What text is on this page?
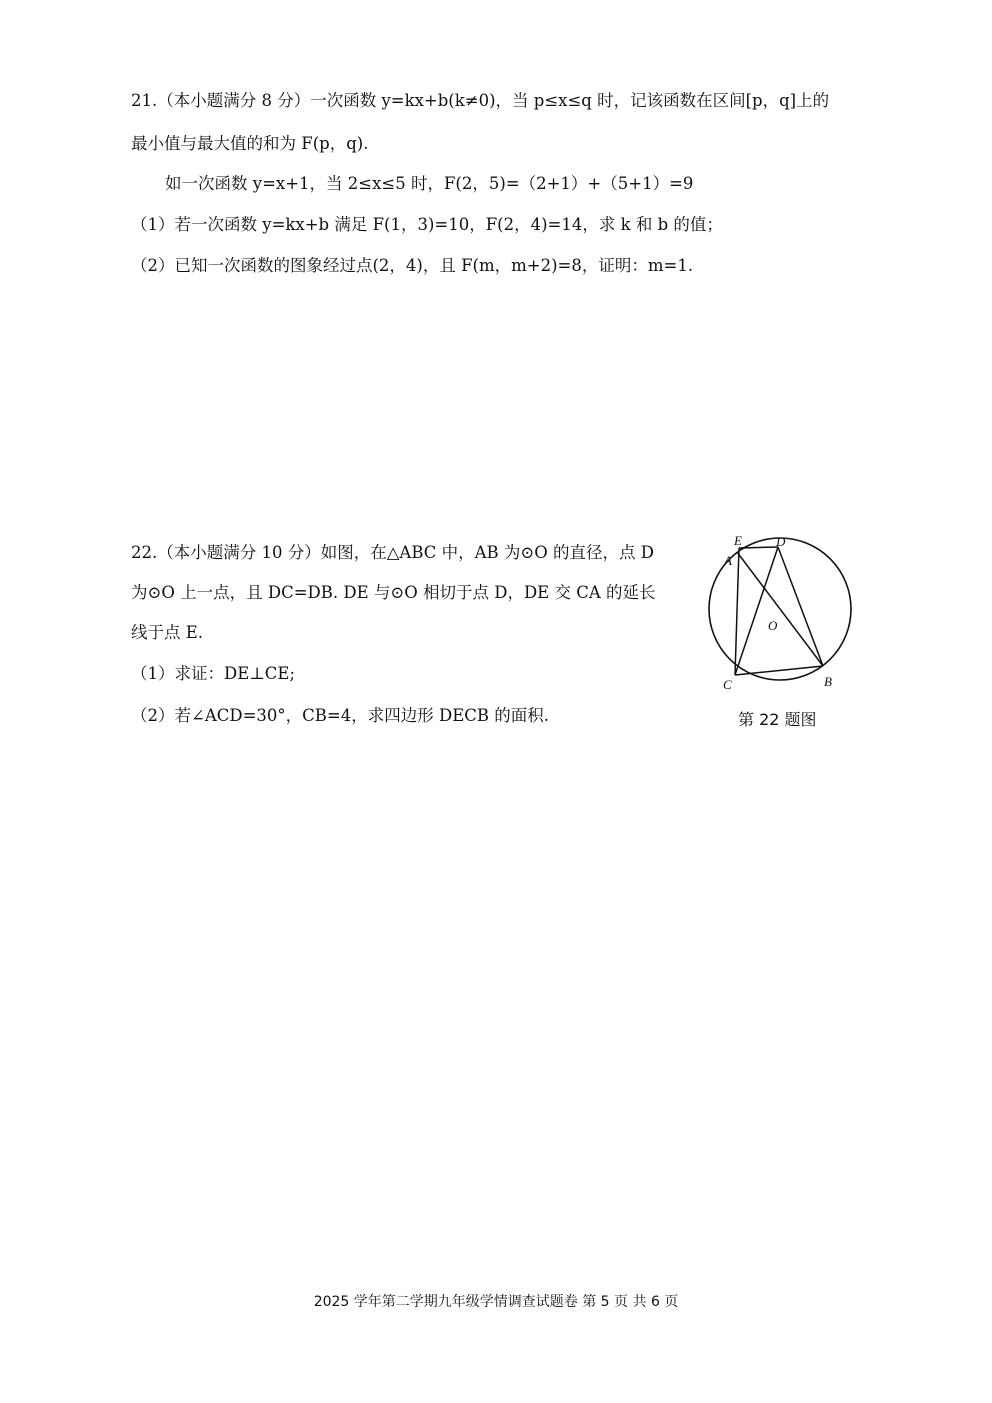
21.（本小题满分 8 分）一次函数 y=kx+b(k≠0)，当 p≤x≤q 时，记该函数在区间[p，q]上的
最小值与最大值的和为 F(p，q).
如一次函数 y=x+1，当 2≤x≤5 时，F(2，5)=（2+1）+（5+1）=9
（1）若一次函数 y=kx+b 满足 F(1，3)=10，F(2，4)=14，求 k 和 b 的值；
（2）已知一次函数的图象经过点(2，4)，且 F(m，m+2)=8，证明：m=1.
22.（本小题满分 10 分）如图，在△ABC 中，AB 为⊙O 的直径，点 D
为⊙O 上一点，且 DC=DB. DE 与⊙O 相切于点 D，DE 交 CA 的延长
线于点 E.
（1）求证：DE⊥CE;
（2）若∠ACD=30°，CB=4，求四边形 DECB 的面积.
E	D
A
O
C	B
第 22 题图
2025 学年第二学期九年级学情调查试题卷 第 5 页 共 6 页
